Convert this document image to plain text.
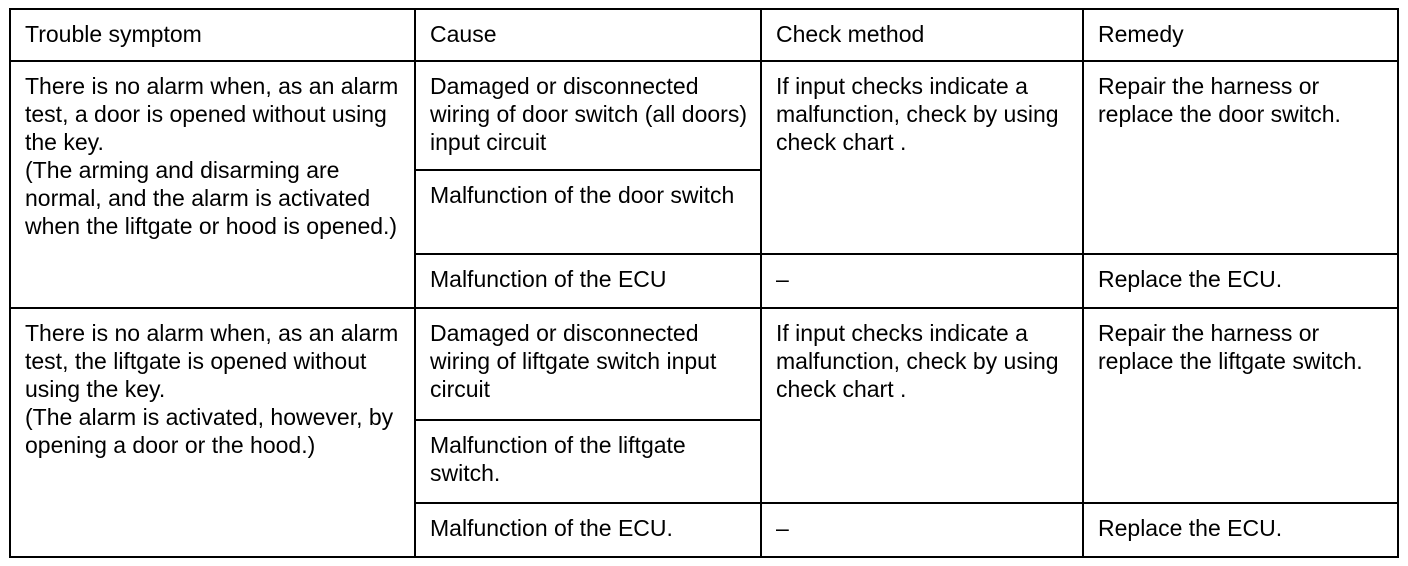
Trouble symptom	Cause	Check method	Remedy

There is no alarm when, as an alarm test, a door is opened without using the key.

(The arming and disarming are normal, and the alarm is activated when the liftgate or hood is opened.)	Damaged or disconnected wiring of door switch (all doors) input circuit	If input checks indicate a malfunction, check by using check chart .	Repair the harness or replace the door switch.
	Malfunction of the door switch		
	Malfunction of the ECU	–	Replace the ECU.

There is no alarm when, as an alarm test, the liftgate is opened without using the key.

(The alarm is activated, however, by opening a door or the hood.)	Damaged or disconnected wiring of liftgate switch input circuit	If input checks indicate a malfunction, check by using check chart .	Repair the harness or replace the liftgate switch.
	Malfunction of the liftgate switch.		
	Malfunction of the ECU.	–	Replace the ECU.
